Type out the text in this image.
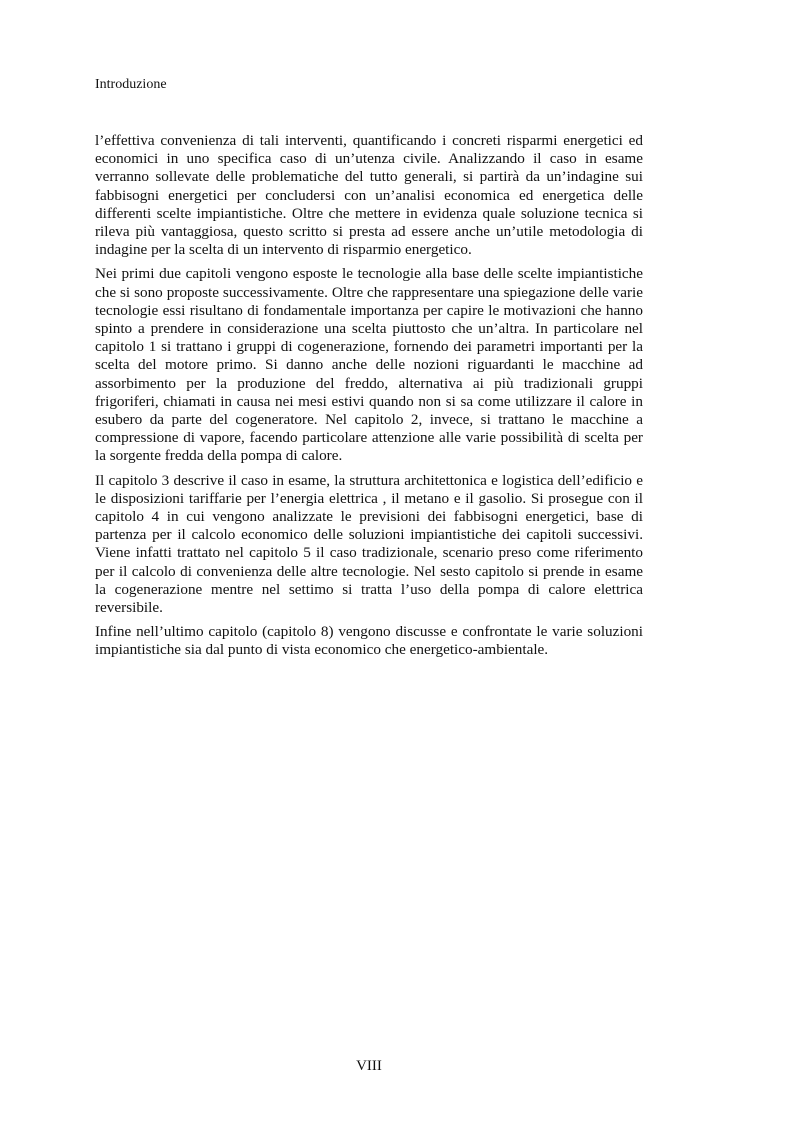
Introduzione

l’effettiva convenienza di tali interventi, quantificando i concreti risparmi energetici ed economici in uno specifica caso di un’utenza civile. Analizzando il caso in esame verranno sollevate delle problematiche del tutto generali, si partirà da un’indagine sui fabbisogni energetici per concludersi con un’analisi economica ed energetica delle differenti scelte impiantistiche. Oltre che mettere in evidenza quale soluzione tecnica si rileva più vantaggiosa, questo scritto si presta ad essere anche un’utile metodologia di indagine per la scelta di un intervento di risparmio energetico.

Nei primi due capitoli vengono esposte le tecnologie alla base delle scelte impiantistiche che si sono proposte successivamente. Oltre che rappresentare una spiegazione delle varie tecnologie essi risultano di fondamentale importanza per capire le motivazioni che hanno spinto a prendere in considerazione una scelta piuttosto che un’altra. In particolare nel capitolo 1 si trattano i gruppi di cogenerazione, fornendo dei parametri importanti per la scelta del motore primo. Si danno anche delle nozioni riguardanti le macchine ad assorbimento per la produzione del freddo, alternativa ai più tradizionali gruppi frigoriferi, chiamati in causa nei mesi estivi quando non si sa come utilizzare il calore in esubero da parte del cogeneratore. Nel capitolo 2, invece, si trattano le macchine a compressione di vapore, facendo particolare attenzione alle varie possibilità di scelta per la sorgente fredda della pompa di calore.

Il capitolo 3 descrive il caso in esame, la struttura architettonica e logistica dell’edificio e le disposizioni tariffarie per l’energia elettrica , il metano e il gasolio. Si prosegue con il capitolo 4 in cui vengono analizzate le previsioni dei fabbisogni energetici, base di partenza per il calcolo economico delle soluzioni impiantistiche dei capitoli successivi. Viene infatti trattato nel capitolo 5 il caso tradizionale, scenario preso come riferimento per il calcolo di convenienza delle altre tecnologie. Nel sesto capitolo si prende in esame la cogenerazione mentre nel settimo si tratta l’uso della pompa di calore elettrica reversibile.

Infine nell’ultimo capitolo (capitolo 8) vengono discusse e confrontate le varie soluzioni impiantistiche sia dal punto di vista economico che energetico-ambientale.

VIII
